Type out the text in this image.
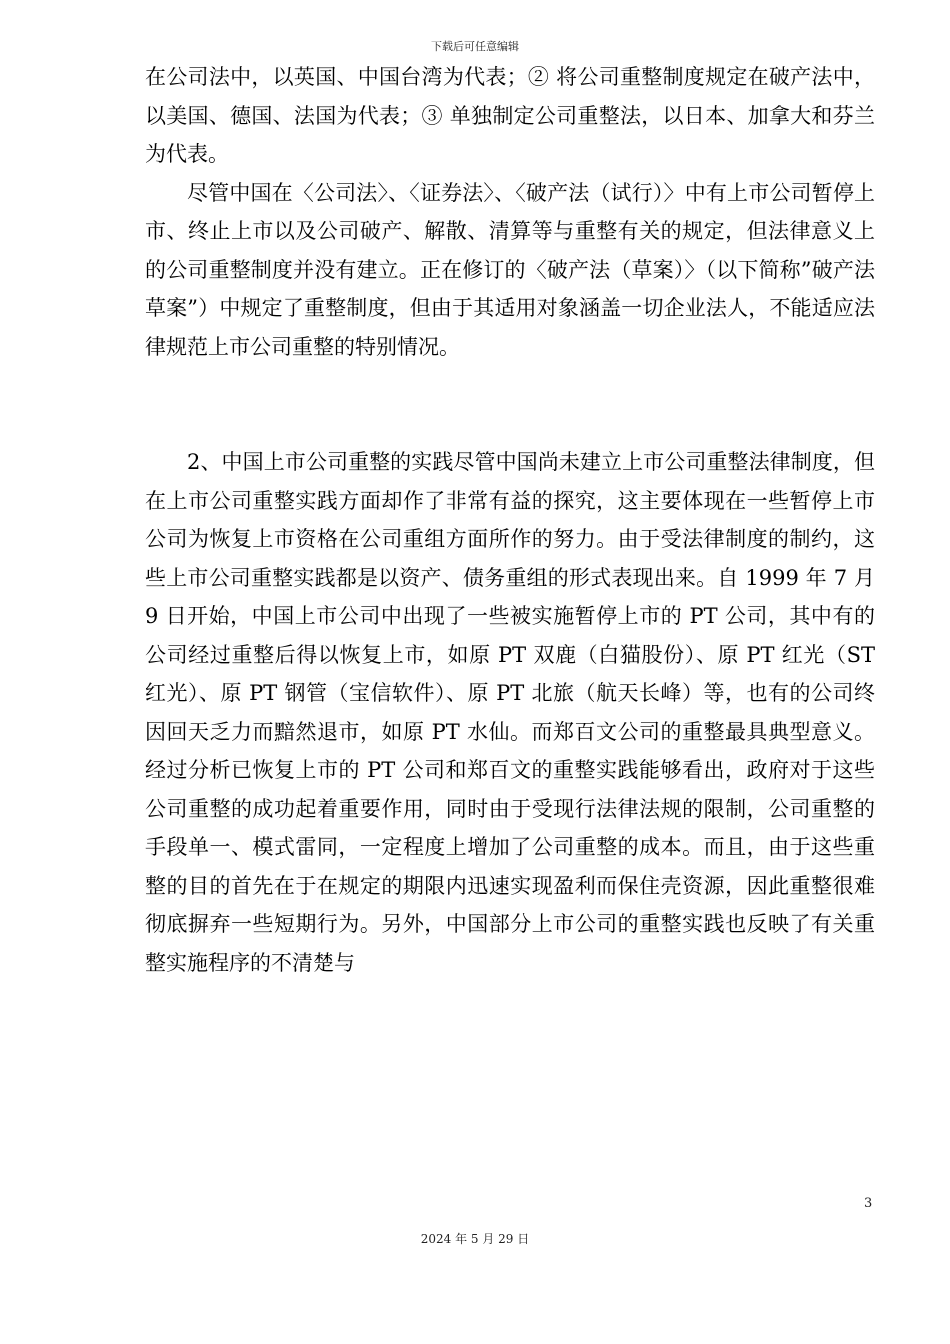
下载后可任意编辑

在公司法中，以英国、中国台湾为代表；② 将公司重整制度规定在破产法中，以美国、德国、法国为代表；③ 单独制定公司重整法，以日本、加拿大和芬兰为代表。

尽管中国在〈公司法〉、〈证券法〉、〈破产法（试行）〉中有上市公司暂停上市、终止上市以及公司破产、解散、清算等与重整有关的规定，但法律意义上的公司重整制度并没有建立。正在修订的〈破产法（草案）〉（以下简称”破产法草案”）中规定了重整制度，但由于其适用对象涵盖一切企业法人，不能适应法律规范上市公司重整的特别情况。

2、中国上市公司重整的实践尽管中国尚未建立上市公司重整法律制度，但在上市公司重整实践方面却作了非常有益的探究，这主要体现在一些暂停上市公司为恢复上市资格在公司重组方面所作的努力。由于受法律制度的制约，这些上市公司重整实践都是以资产、债务重组的形式表现出来。自 1999 年 7 月 9 日开始，中国上市公司中出现了一些被实施暂停上市的 PT 公司，其中有的公司经过重整后得以恢复上市，如原 PT 双鹿（白猫股份）、原 PT 红光（ST 红光）、原 PT 钢管（宝信软件）、原 PT 北旅（航天长峰）等，也有的公司终因回天乏力而黯然退市，如原 PT 水仙。而郑百文公司的重整最具典型意义。经过分析已恢复上市的 PT 公司和郑百文的重整实践能够看出，政府对于这些公司重整的成功起着重要作用，同时由于受现行法律法规的限制，公司重整的手段单一、模式雷同，一定程度上增加了公司重整的成本。而且，由于这些重整的目的首先在于在规定的期限内迅速实现盈利而保住壳资源，因此重整很难彻底摒弃一些短期行为。另外，中国部分上市公司的重整实践也反映了有关重整实施程序的不清楚与

3
2024 年 5 月 29 日
